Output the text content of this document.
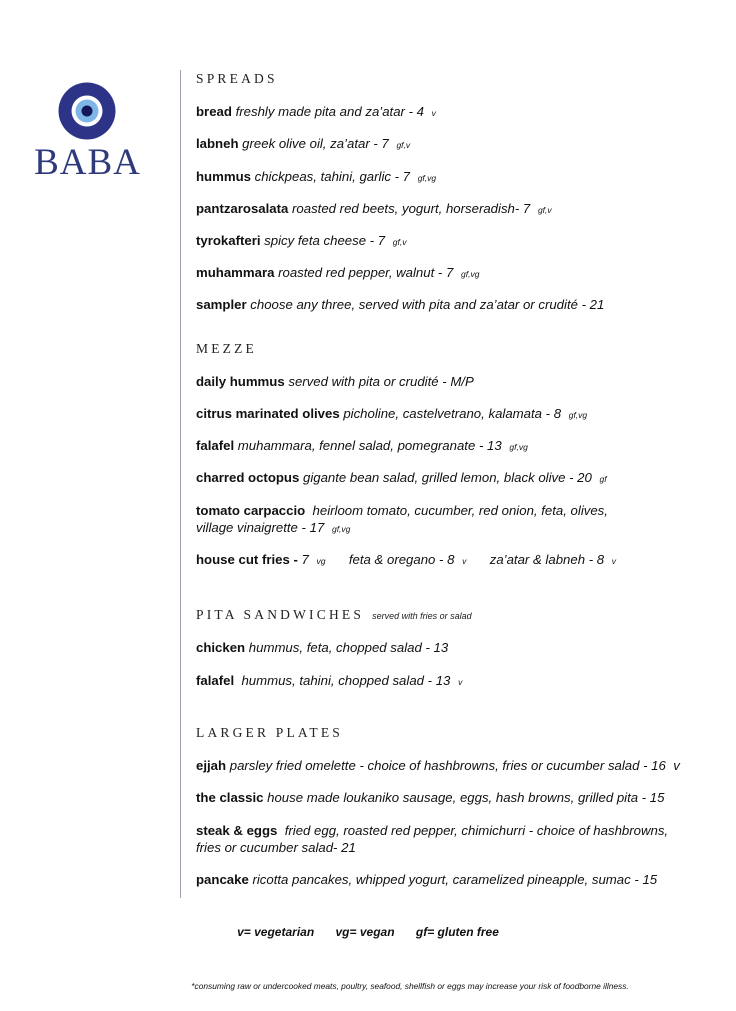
BABA
SPREADS
bread freshly made pita and za’atar - 4 v
labneh greek olive oil, za’atar - 7 gf,v
hummus chickpeas, tahini, garlic - 7 gf,vg
pantzarosalata roasted red beets, yogurt, horseradish- 7 gf,v
tyrokafteri spicy feta cheese - 7 gf,v
muhammara roasted red pepper, walnut - 7 gf,vg
sampler choose any three, served with pita and za’atar or crudité - 21
MEZZE
daily hummus served with pita or crudité - M/P
citrus marinated olives picholine, castelvetrano, kalamata - 8 gf,vg
falafel muhammara, fennel salad, pomegranate - 13 gf,vg
charred octopus gigante bean salad, grilled lemon, black olive - 20 gf
tomato carpaccio heirloom tomato, cucumber, red onion, feta, olives,
village vinaigrette - 17 gf,vg
house cut fries - 7 vg feta & oregano - 8 v za’atar & labneh - 8 v
PITA SANDWICHES served with fries or salad
chicken hummus, feta, chopped salad - 13
falafel hummus, tahini, chopped salad - 13 v
LARGER PLATES
ejjah parsley fried omelette - choice of hashbrowns, fries or cucumber salad - 16 v
the classic house made loukaniko sausage, eggs, hash browns, grilled pita - 15
steak & eggs fried egg, roasted red pepper, chimichurri - choice of hashbrowns,
fries or cucumber salad- 21
pancake ricotta pancakes, whipped yogurt, caramelized pineapple, sumac - 15
v= vegetarian vg= vegan gf= gluten free
*consuming raw or undercooked meats, poultry, seafood, shellfish or eggs may increase your risk of foodborne illness.
